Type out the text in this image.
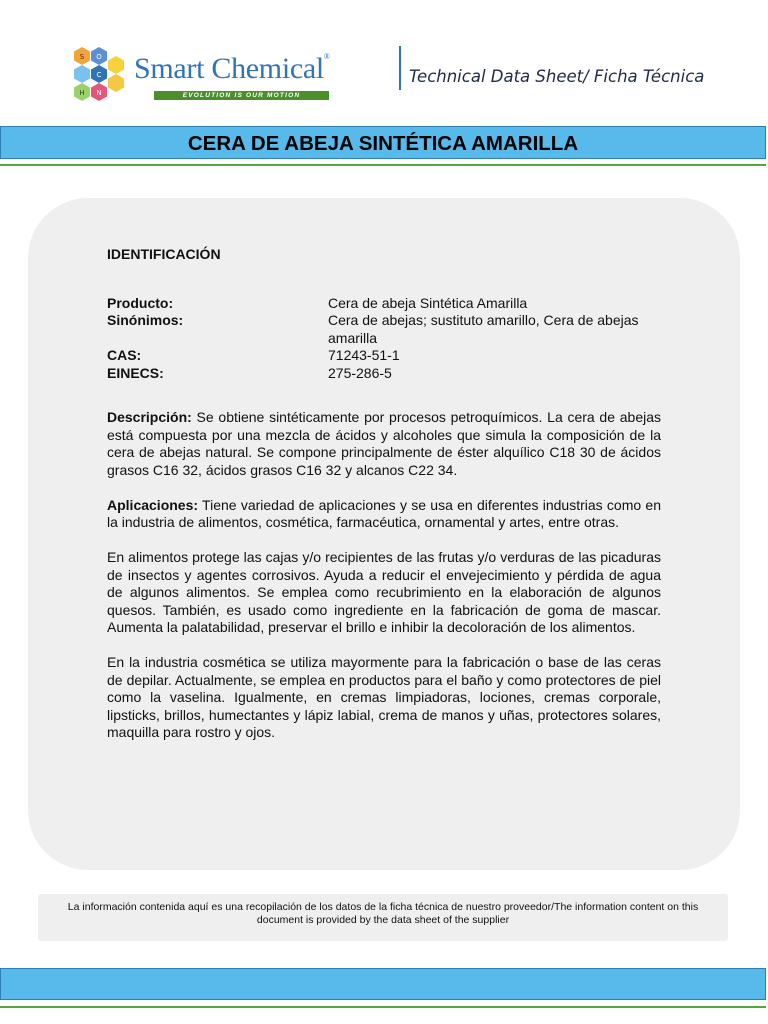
S
C
O
H N
Smart Chemical®
EVOLUTION IS OUR MOTION
Technical Data Sheet/ Ficha Técnica
CERA DE ABEJA SINTÉTICA AMARILLA
IDENTIFICACIÓN
Producto:	Cera de abeja Sintética Amarilla
Sinónimos:	Cera de abejas; sustituto amarillo, Cera de abejas amarilla
CAS:	71243-51-1
EINECS:	275-286-5

Descripción: Se obtiene sintéticamente por procesos petroquímicos. La cera de abejas está compuesta por una mezcla de ácidos y alcoholes que simula la composición de la cera de abejas natural. Se compone principalmente de éster alquílico C18 30 de ácidos grasos C16 32, ácidos grasos C16 32 y alcanos C22 34.

Aplicaciones: Tiene variedad de aplicaciones y se usa en diferentes industrias como en la industria de alimentos, cosmética, farmacéutica, ornamental y artes, entre otras.

En alimentos protege las cajas y/o recipientes de las frutas y/o verduras de las picaduras de insectos y agentes corrosivos. Ayuda a reducir el envejecimiento y pérdida de agua de algunos alimentos. Se emplea como recubrimiento en la elaboración de algunos quesos. También, es usado como ingrediente en la fabricación de goma de mascar. Aumenta la palatabilidad, preservar el brillo e inhibir la decoloración de los alimentos.

En la industria cosmética se utiliza mayormente para la fabricación o base de las ceras de depilar. Actualmente, se emplea en productos para el baño y como protectores de piel como la vaselina. Igualmente, en cremas limpiadoras, lociones, cremas corporale, lipsticks, brillos, humectantes y lápiz labial, crema de manos y uñas, protectores solares, maquilla para rostro y ojos.

La información contenida aquí es una recopilación de los datos de la ficha técnica de nuestro proveedor/The information content on this document is provided by the data sheet of the supplier
